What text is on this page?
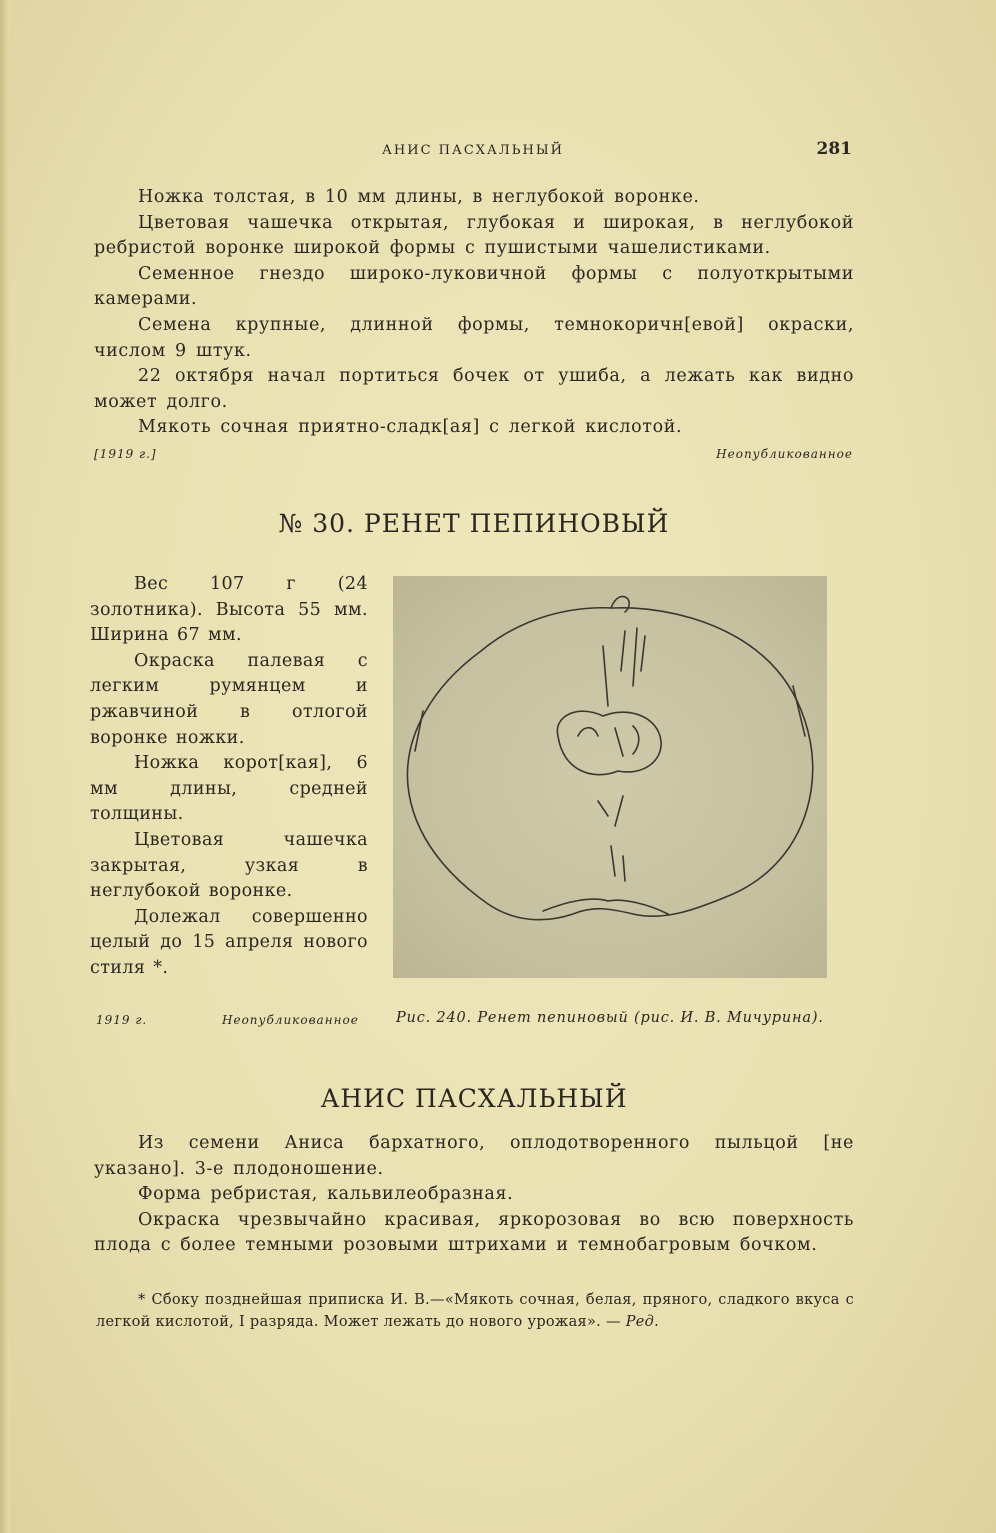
АНИС ПАСХАЛЬНЫЙ	281

Ножка толстая, в 10 мм длины, в неглубокой воронке.

Цветовая чашечка открытая, глубокая и широкая, в неглубокой ребристой воронке широкой формы с пушистыми чашелистиками.

Семенное гнездо широко-луковичной формы с полуоткрытыми камерами.

Семена крупные, длинной формы, темнокоричн[евой] окраски, числом 9 штук.

22 октября начал портиться бочек от ушиба, а лежать как видно может долго.

Мякоть сочная приятно-сладк[ая] с легкой кислотой.

[1919 г.]	Неопубликованное
№ 30. РЕНЕТ ПЕПИНОВЫЙ

Вес 107 г (24 золотника). Высота 55 мм. Ширина 67 мм.

Окраска палевая с легким румянцем и ржавчиной в отлогой воронке ножки.

Ножка корот[кая], 6 мм длины, средней толщины.

Цветовая чашечка закрытая, узкая в неглубокой воронке.

Долежал совершенно целый до 15 апреля нового стиля *.

1919 г.	Неопубликованное	Рис. 240. Ренет пепиновый (рис. И. В. Мичурина).
АНИС ПАСХАЛЬНЫЙ

Из семени Аниса бархатного, оплодотворенного пыльцой [не указано]. 3-е плодоношение.

Форма ребристая, кальвилеобразная.

Окраска чрезвычайно красивая, яркорозовая во всю поверхность плода с более темными розовыми штрихами и темнобагровым бочком.

* Сбоку позднейшая приписка И. В.—«Мякоть сочная, белая, пряного, сладкого вкуса с легкой кислотой, I разряда. Может лежать до нового урожая». — Ред.
